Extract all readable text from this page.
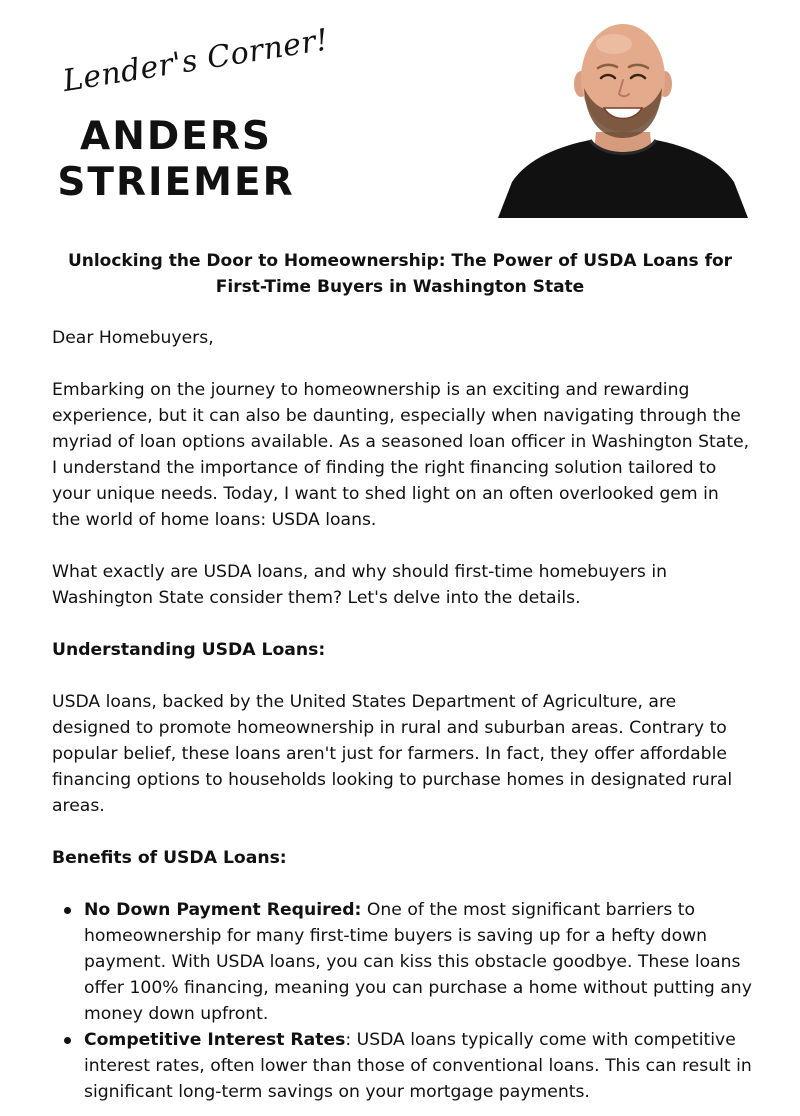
Lender's Corner!
ANDERS
STRIEMER
Unlocking the Door to Homeownership: The Power of USDA Loans for
First-Time Buyers in Washington State

Dear Homebuyers,

Embarking on the journey to homeownership is an exciting and rewarding experience, but it can also be daunting, especially when navigating through the myriad of loan options available. As a seasoned loan officer in Washington State, I understand the importance of finding the right financing solution tailored to your unique needs. Today, I want to shed light on an often overlooked gem in the world of home loans: USDA loans.

What exactly are USDA loans, and why should first-time homebuyers in Washington State consider them? Let's delve into the details.

Understanding USDA Loans:

USDA loans, backed by the United States Department of Agriculture, are designed to promote homeownership in rural and suburban areas. Contrary to popular belief, these loans aren't just for farmers. In fact, they offer affordable financing options to households looking to purchase homes in designated rural areas.

Benefits of USDA Loans:

No Down Payment Required: One of the most significant barriers to homeownership for many first-time buyers is saving up for a hefty down payment. With USDA loans, you can kiss this obstacle goodbye. These loans offer 100% financing, meaning you can purchase a home without putting any money down upfront.
Competitive Interest Rates: USDA loans typically come with competitive interest rates, often lower than those of conventional loans. This can result in significant long-term savings on your mortgage payments.
